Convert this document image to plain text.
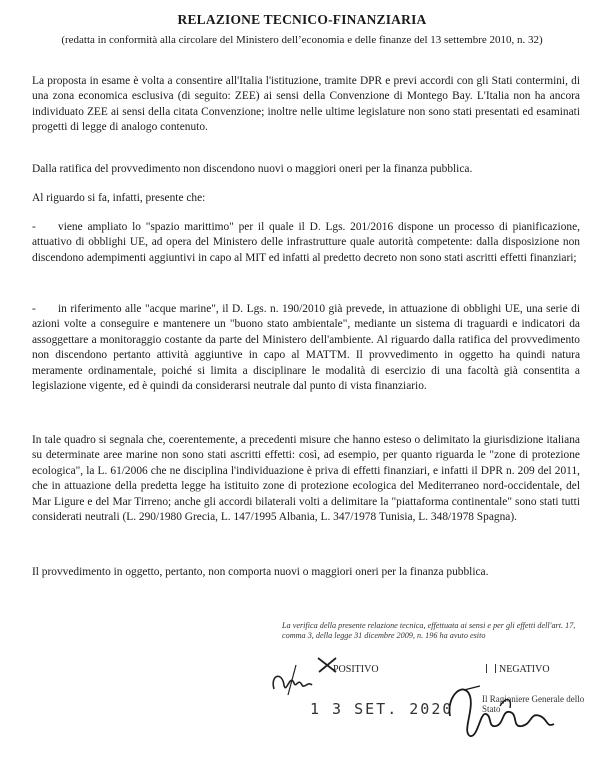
RELAZIONE TECNICO-FINANZIARIA
(redatta in conformità alla circolare del Ministero dell’economia e delle finanze del 13 settembre 2010, n. 32)
La proposta in esame è volta a consentire all'Italia l'istituzione, tramite DPR e previ accordi con gli Stati contermini, di una zona economica esclusiva (di seguito: ZEE) ai sensi della Convenzione di Montego Bay. L'Italia non ha ancora individuato ZEE ai sensi della citata Convenzione; inoltre nelle ultime legislature non sono stati presentati ed esaminati progetti di legge di analogo contenuto.
Dalla ratifica del provvedimento non discendono nuovi o maggiori oneri per la finanza pubblica.
Al riguardo si fa, infatti, presente che:
- viene ampliato lo "spazio marittimo" per il quale il D. Lgs. 201/2016 dispone un processo di pianificazione, attuativo di obblighi UE, ad opera del Ministero delle infrastrutture quale autorità competente: dalla disposizione non discendono adempimenti aggiuntivi in capo al MIT ed infatti al predetto decreto non sono stati ascritti effetti finanziari;
- in riferimento alle "acque marine", il D. Lgs. n. 190/2010 già prevede, in attuazione di obblighi UE, una serie di azioni volte a conseguire e mantenere un "buono stato ambientale", mediante un sistema di traguardi e indicatori da assoggettare a monitoraggio costante da parte del Ministero dell'ambiente. Al riguardo dalla ratifica del provvedimento non discendono pertanto attività aggiuntive in capo al MATTM. Il provvedimento in oggetto ha quindi natura meramente ordinamentale, poiché si limita a disciplinare le modalità di esercizio di una facoltà già consentita a legislazione vigente, ed è quindi da considerarsi neutrale dal punto di vista finanziario.
In tale quadro si segnala che, coerentemente, a precedenti misure che hanno esteso o delimitato la giurisdizione italiana su determinate aree marine non sono stati ascritti effetti: così, ad esempio, per quanto riguarda le "zone di protezione ecologica", la L. 61/2006 che ne disciplina l'individuazione è priva di effetti finanziari, e infatti il DPR n. 209 del 2011, che in attuazione della predetta legge ha istituito zone di protezione ecologica del Mediterraneo nord-occidentale, del Mar Ligure e del Mar Tirreno; anche gli accordi bilaterali volti a delimitare la "piattaforma continentale" sono stati tutti considerati neutrali (L. 290/1980 Grecia, L. 147/1995 Albania, L. 347/1978 Tunisia, L. 348/1978 Spagna).
Il provvedimento in oggetto, pertanto, non comporta nuovi o maggiori oneri per la finanza pubblica.
La verifica della presente relazione tecnica, effettuata ai sensi e per gli effetti dell'art. 17, comma 3, della legge 31 dicembre 2009, n. 196 ha avuto esito
POSITIVO	NEGATIVO
1 3 SET. 2020
Il Ragioniere Generale dello Stato
